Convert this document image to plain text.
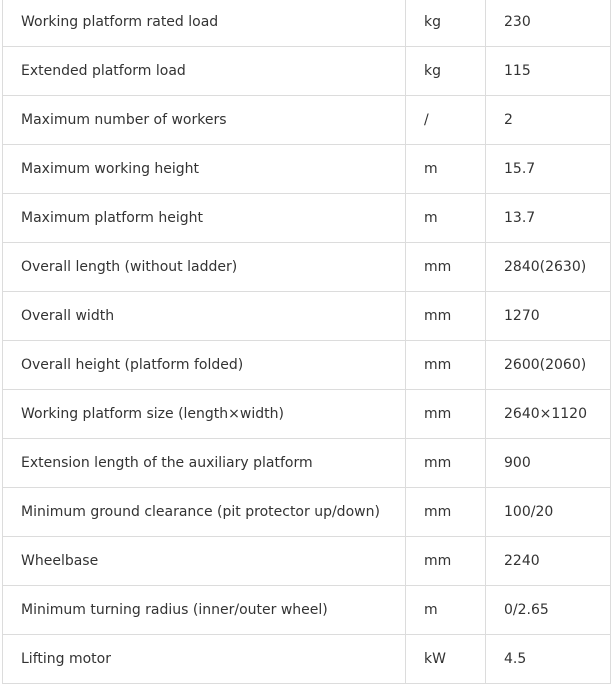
Working platform rated load	kg	230
Extended platform load	kg	115
Maximum number of workers	/	2
Maximum working height	m	15.7
Maximum platform height	m	13.7
Overall length (without ladder)	mm	2840(2630)
Overall width	mm	1270
Overall height (platform folded)	mm	2600(2060)
Working platform size (length×width)	mm	2640×1120
Extension length of the auxiliary platform	mm	900
Minimum ground clearance (pit protector up/down)	mm	100/20
Wheelbase	mm	2240
Minimum turning radius (inner/outer wheel)	m	0/2.65
Lifting motor	kW	4.5
